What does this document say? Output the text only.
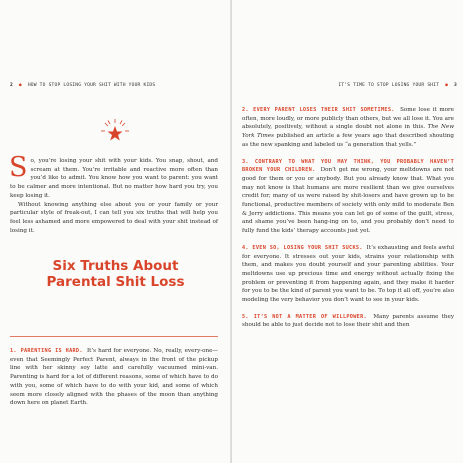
2  ●  HOW TO STOP LOSING YOUR SHIT WITH YOUR KIDS

So, you’re losing your shit with your kids. You snap, shout, and scream at them. You’re irritable and reactive more often than you’d like to admit. You know how you want to parent: you want to be calmer and more intentional. But no matter how hard you try, you keep losing it.

Without knowing anything else about you or your family or your particular style of freak-out, I can tell you six truths that will help you feel less ashamed and more empowered to deal with your shit instead of losing it.

Six Truths About
Parental Shit Loss
1. PARENTING IS HARD. It’s hard for everyone. No, really, every-one—even that Seemingly Perfect Parent, always in the front of the pickup line with her skinny soy latte and carefully vacuumed mini-van. Parenting is hard for a lot of different reasons, some of which have to do with you, some of which have to do with your kid, and some of which seem more closely aligned with the phases of the moon than anything down here on planet Earth.
IT’S TIME TO STOP LOSING YOUR SHIT  ●  3

2. EVERY PARENT LOSES THEIR SHIT SOMETIMES. Some lose it more often, more loudly, or more publicly than others, but we all lose it. You are absolutely, positively, without a single doubt not alone in this. The New York Times published an article a few years ago that described shouting as the new spanking and labeled us “a generation that yells.”

3. CONTRARY TO WHAT YOU MAY THINK, YOU PROBABLY HAVEN’T BROKEN YOUR CHILDREN. Don’t get me wrong, your meltdowns are not good for them or you or anybody. But you already know that. What you may not know is that humans are more resilient than we give ourselves credit for; many of us were raised by shit-losers and have grown up to be functional, productive members of society with only mild to moderate Ben & Jerry addictions. This means you can let go of some of the guilt, stress, and shame you’ve been hang-ing on to, and you probably don’t need to fully fund the kids’ therapy accounts just yet.

4. EVEN SO, LOSING YOUR SHIT SUCKS. It’s exhausting and feels awful for everyone. It stresses out your kids, strains your relationship with them, and makes you doubt yourself and your parenting abilities. Your meltdowns use up precious time and energy without actually fixing the problem or preventing it from happening again, and they make it harder for you to be the kind of parent you want to be. To top it all off, you’re also modeling the very behavior you don’t want to see in your kids.

5. IT’S NOT A MATTER OF WILLPOWER. Many parents assume they should be able to just decide not to lose their shit and then
